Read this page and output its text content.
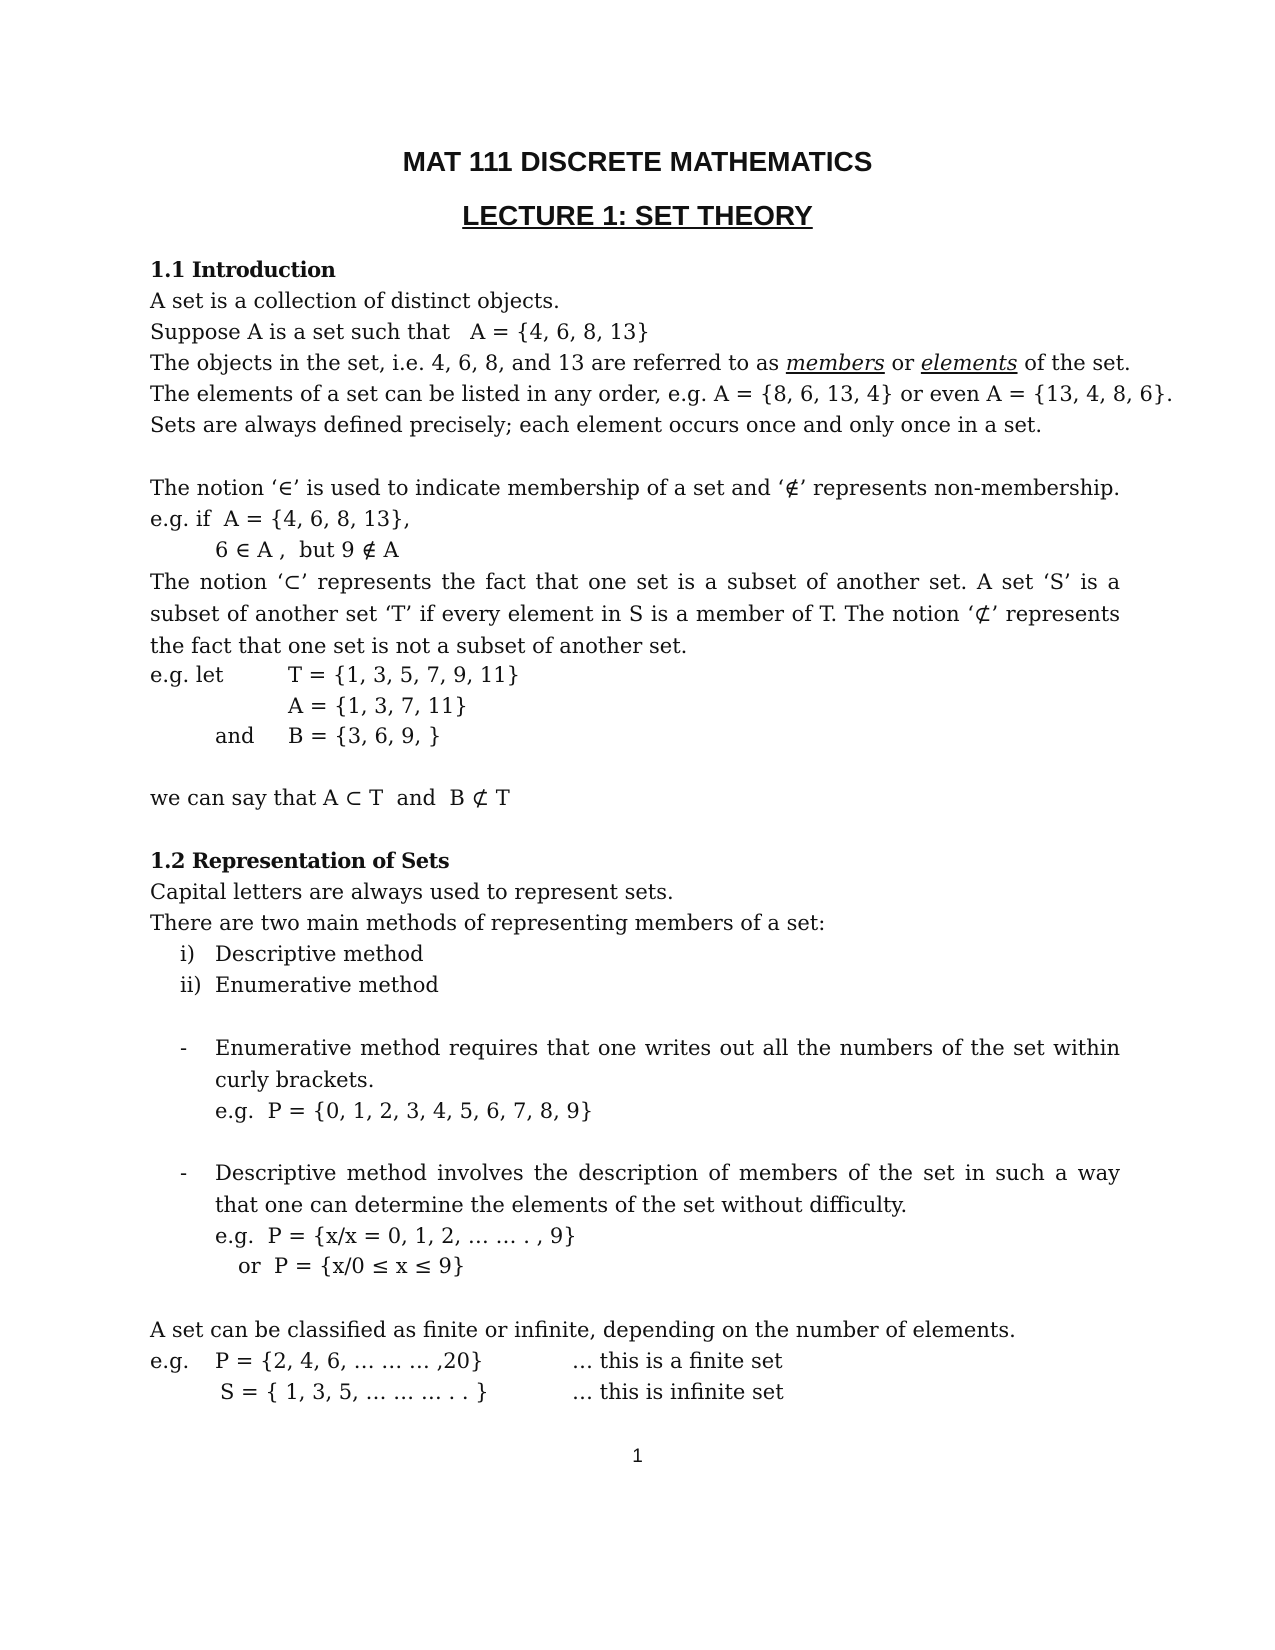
MAT 111 DISCRETE MATHEMATICS
LECTURE 1: SET THEORY

1.1 Introduction

A set is a collection of distinct objects.

Suppose A is a set such that A = {4, 6, 8, 13}

The objects in the set, i.e. 4, 6, 8, and 13 are referred to as members or elements of the set.

The elements of a set can be listed in any order, e.g. A = {8, 6, 13, 4} or even A = {13, 4, 8, 6}.

Sets are always defined precisely; each element occurs once and only once in a set.

The notion ‘∈’ is used to indicate membership of a set and ‘∉’ represents non-membership.

e.g. if A = {4, 6, 8, 13},

6 ∈ A , but 9 ∉ A

The notion ‘⊂’ represents the fact that one set is a subset of another set. A set ‘S’ is a subset of another set ‘T’ if every element in S is a member of T. The notion ‘⊄’ represents the fact that one set is not a subset of another set.

e.g. let	T = {1, 3, 5, 7, 9, 11}

A = {1, 3, 7, 11}

and B = {3, 6, 9, }

we can say that A ⊂ T and B ⊄ T

1.2 Representation of Sets

Capital letters are always used to represent sets.

There are two main methods of representing members of a set:

i) Descriptive method

ii) Enumerative method

- Enumerative method requires that one writes out all the numbers of the set within curly brackets.

e.g. P = {0, 1, 2, 3, 4, 5, 6, 7, 8, 9}

- Descriptive method involves the description of members of the set in such a way that one can determine the elements of the set without difficulty.

e.g. P = {x/x = 0, 1, 2, … … . , 9}

or P = {x/0 ≤ x ≤ 9}

A set can be classified as finite or infinite, depending on the number of elements.

e.g. P = {2, 4, 6, … … … ,20}	… this is a finite set

S = { 1, 3, 5, … … … . . }	… this is infinite set

1
